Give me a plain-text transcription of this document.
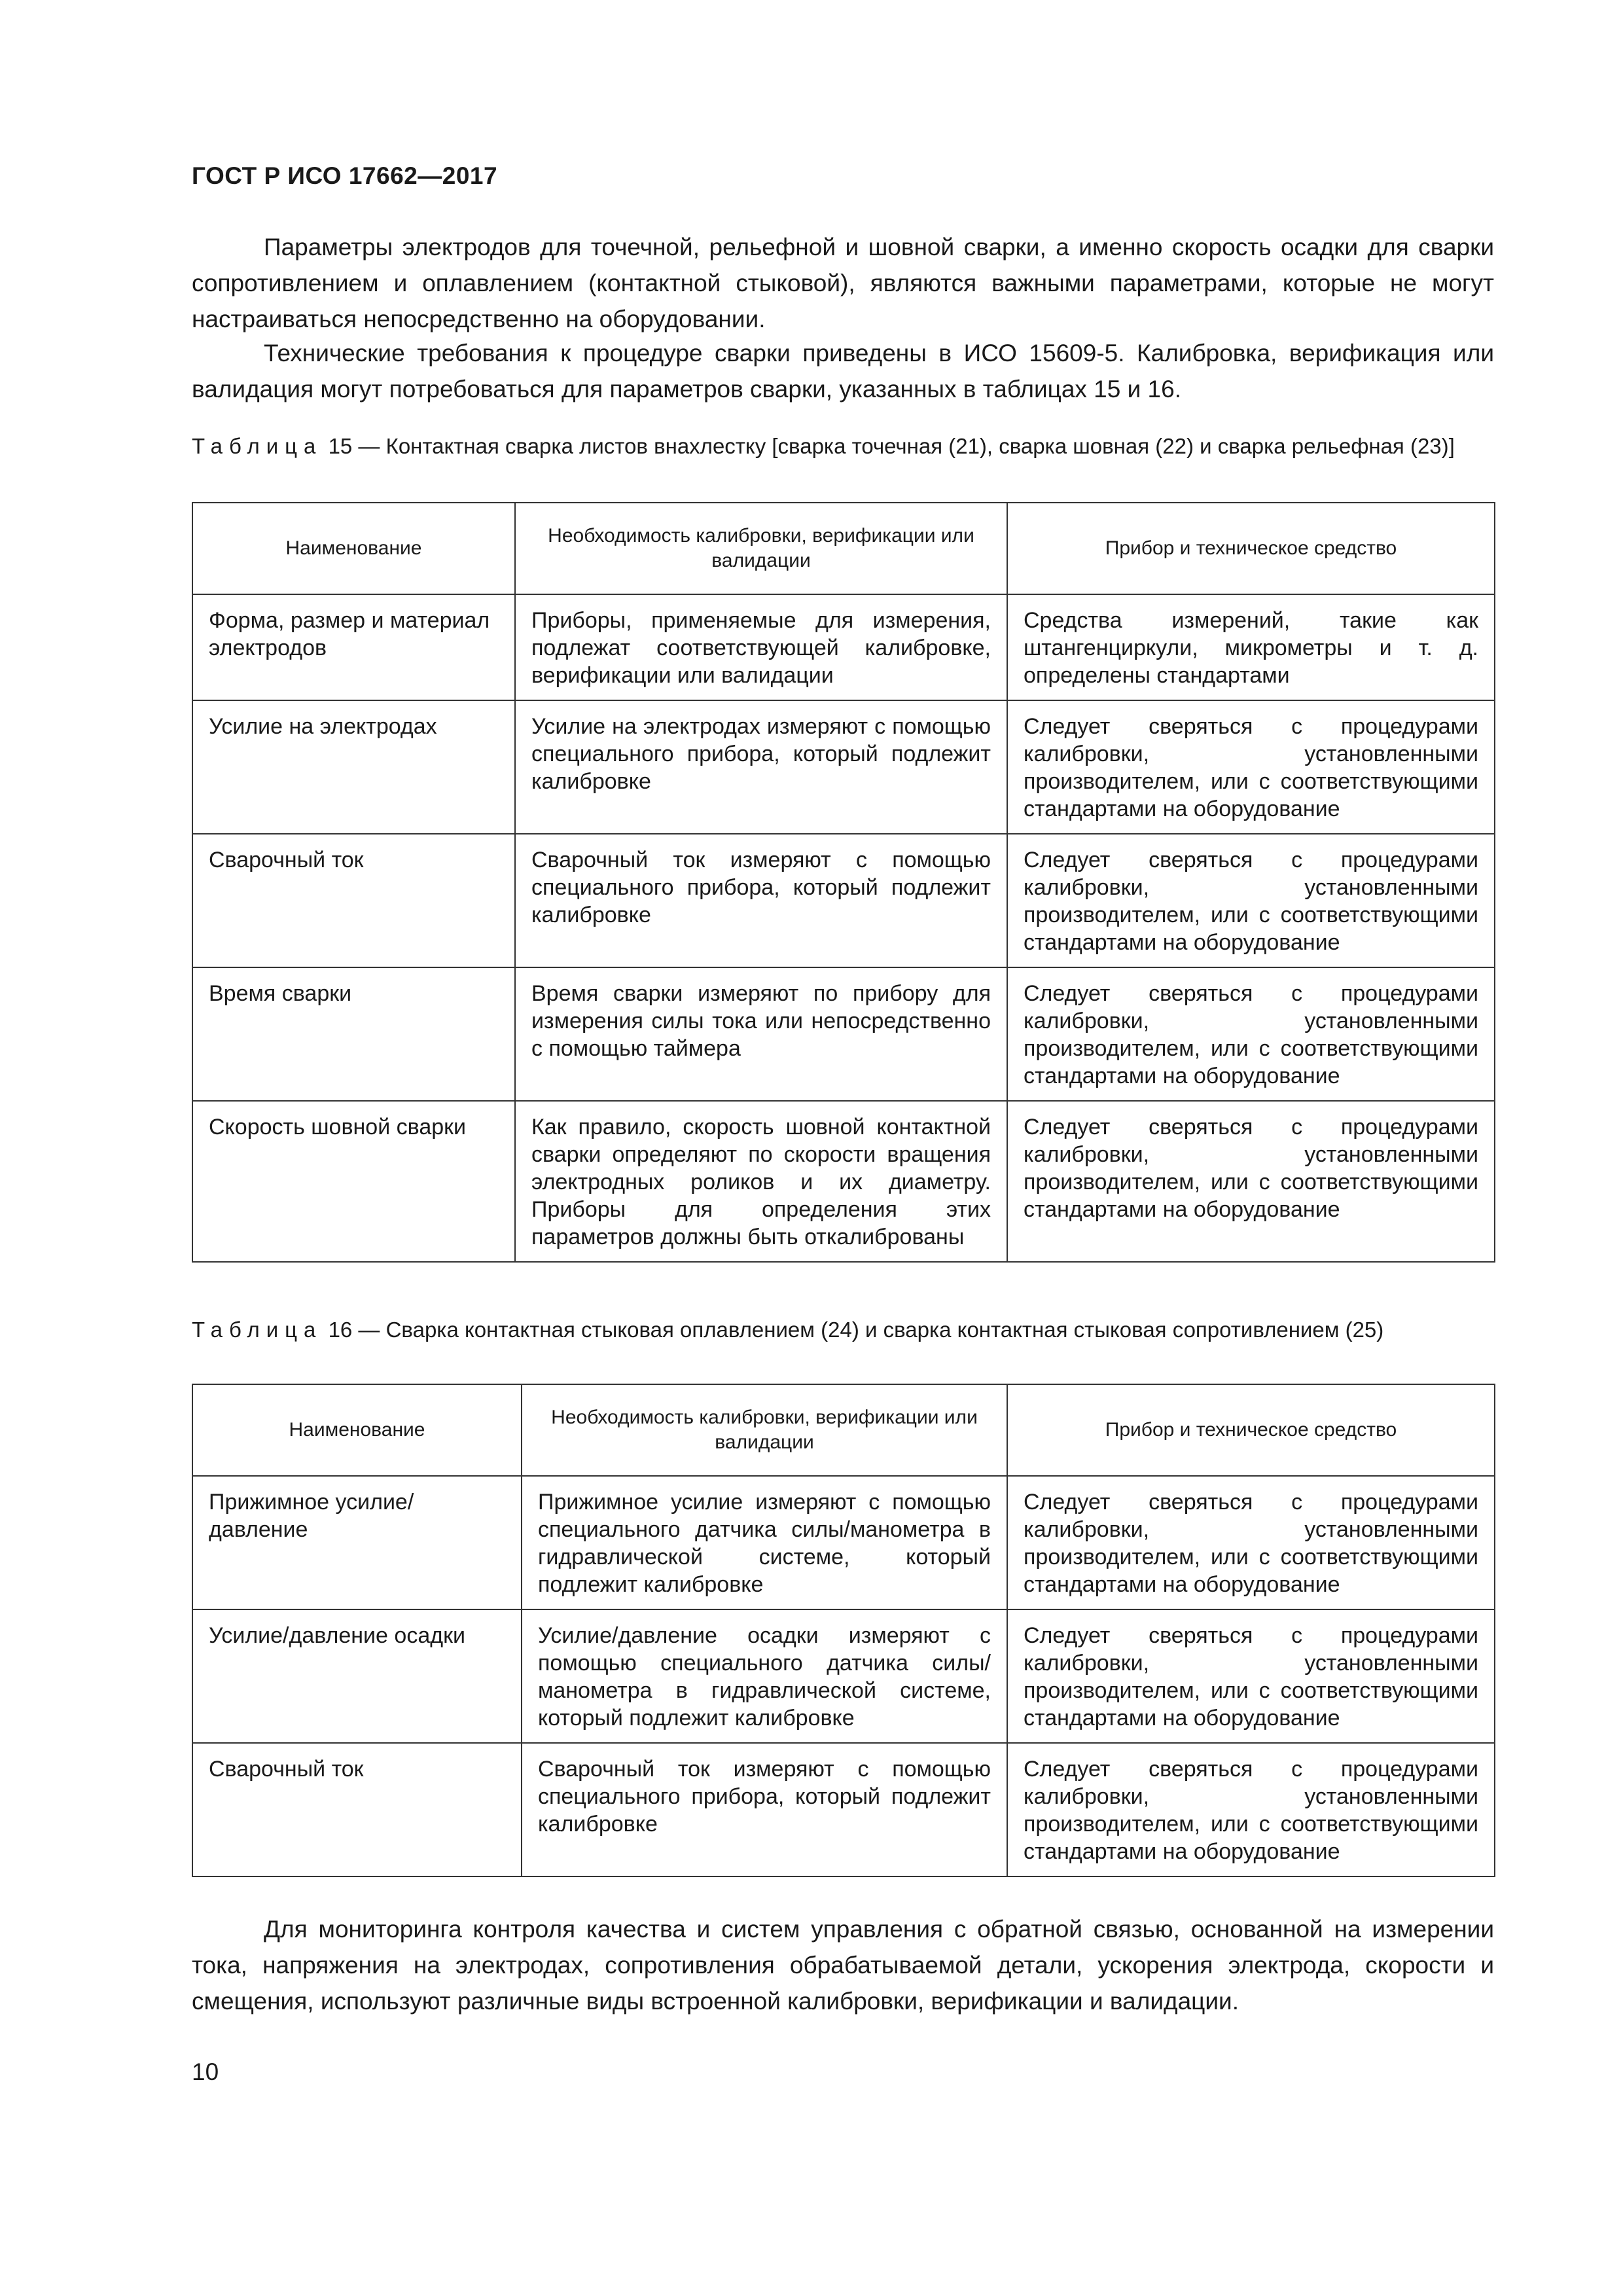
ГОСТ Р ИСО 17662—2017

Параметры электродов для точечной, рельефной и шовной сварки, а именно скорость осадки для сварки сопротивлением и оплавлением (контактной стыковой), являются важными параметрами, которые не могут настраиваться непосредственно на оборудовании.

Технические требования к процедуре сварки приведены в ИСО 15609-5. Калибровка, верификация или валидация могут потребоваться для параметров сварки, указанных в таблицах 15 и 16.

Таблица 15 — Контактная сварка листов внахлестку [сварка точечная (21), сварка шовная (22) и сварка рельефная (23)]

Наименование	Необходимость калибровки, верификации или валидации	Прибор и техническое средство
Форма, размер и материал электродов	Приборы, применяемые для измерения, подлежат соответствующей калибровке, верификации или валидации	Средства измерений, такие как штангенциркули, микрометры и т. д. определены стандартами
Усилие на электродах	Усилие на электродах измеряют с помощью специального прибора, который подлежит калибровке	Следует сверяться с процедурами калибровки, установленными производителем, или с соответствующими стандартами на оборудование
Сварочный ток	Сварочный ток измеряют с помощью специального прибора, который подлежит калибровке	Следует сверяться с процедурами калибровки, установленными производителем, или с соответствующими стандартами на оборудование
Время сварки	Время сварки измеряют по прибору для измерения силы тока или непосредственно с помощью таймера	Следует сверяться с процедурами калибровки, установленными производителем, или с соответствующими стандартами на оборудование
Скорость шовной сварки	Как правило, скорость шовной контактной сварки определяют по скорости вращения электродных роликов и их диаметру. Приборы для определения этих параметров должны быть откалиброваны	Следует сверяться с процедурами калибровки, установленными производителем, или с соответствующими стандартами на оборудование

Таблица 16 — Сварка контактная стыковая оплавлением (24) и сварка контактная стыковая сопротивлением (25)

Наименование	Необходимость калибровки, верификации или валидации	Прибор и техническое средство
Прижимное усилие/давление	Прижимное усилие измеряют с помощью специального датчика силы/манометра в гидравлической системе, который подлежит калибровке	Следует сверяться с процедурами калибровки, установленными производителем, или с соответствующими стандартами на оборудование
Усилие/давление осадки	Усилие/давление осадки измеряют с помощью специального датчика силы/манометра в гидравлической системе, который подлежит калибровке	Следует сверяться с процедурами калибровки, установленными производителем, или с соответствующими стандартами на оборудование
Сварочный ток	Сварочный ток измеряют с помощью специального прибора, который подлежит калибровке	Следует сверяться с процедурами калибровки, установленными производителем, или с соответствующими стандартами на оборудование

Для мониторинга контроля качества и систем управления с обратной связью, основанной на измерении тока, напряжения на электродах, сопротивления обрабатываемой детали, ускорения электрода, скорости и смещения, используют различные виды встроенной калибровки, верификации и валидации.

10
